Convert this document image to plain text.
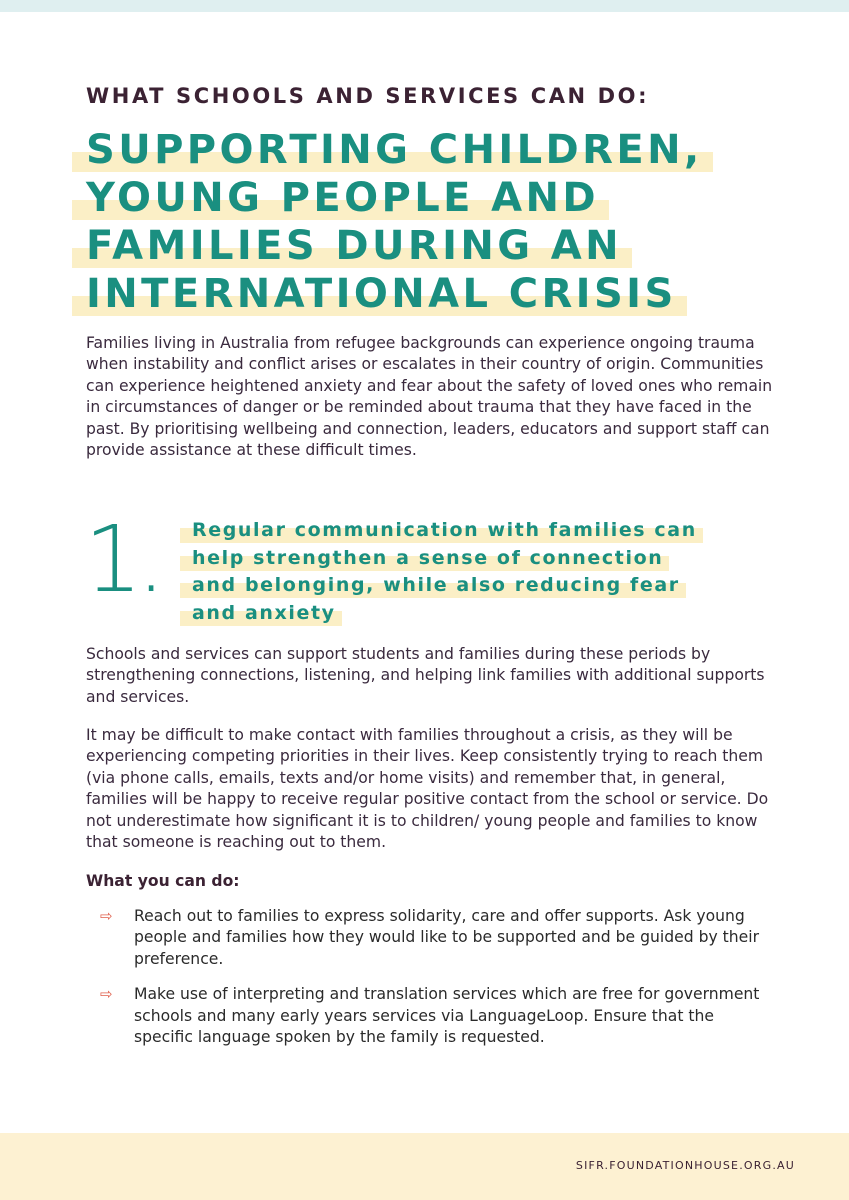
WHAT SCHOOLS AND SERVICES CAN DO:
SUPPORTING CHILDREN,
YOUNG PEOPLE AND
FAMILIES DURING AN
INTERNATIONAL CRISIS

Families living in Australia from refugee backgrounds can experience ongoing trauma when instability and conflict arises or escalates in their country of origin. Communities can experience heightened anxiety and fear about the safety of loved ones who remain in circumstances of danger or be reminded about trauma that they have faced in the past. By prioritising wellbeing and connection, leaders, educators and support staff can provide assistance at these difficult times.

1.	Regular communication with families can
help strengthen a sense of connection
and belonging, while also reducing fear
and anxiety

Schools and services can support students and families during these periods by strengthening connections, listening, and helping link families with additional supports and services.

It may be difficult to make contact with families throughout a crisis, as they will be experiencing competing priorities in their lives. Keep consistently trying to reach them (via phone calls, emails, texts and/or home visits) and remember that, in general, families will be happy to receive regular positive contact from the school or service. Do not underestimate how significant it is to children/ young people and families to know that someone is reaching out to them.

What you can do:
⇨ Reach out to families to express solidarity, care and offer supports. Ask young people and families how they would like to be supported and be guided by their preference.
⇨ Make use of interpreting and translation services which are free for government schools and many early years services via LanguageLoop. Ensure that the specific language spoken by the family is requested.
SIFR.FOUNDATIONHOUSE.ORG.AU
